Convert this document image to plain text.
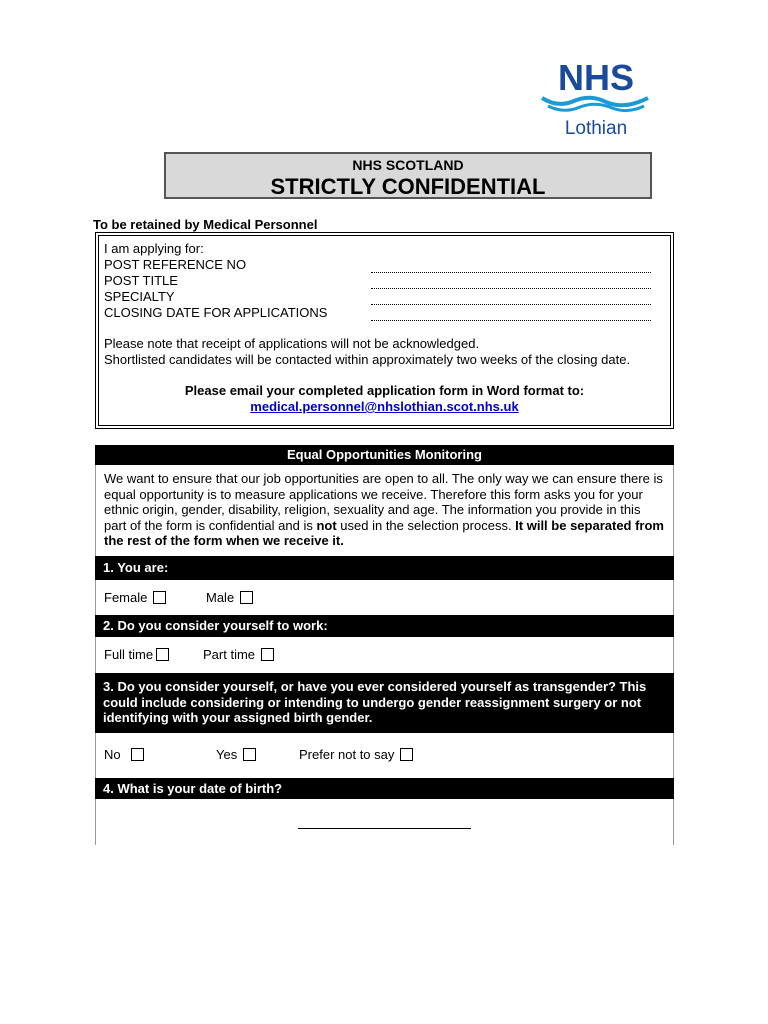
NHS
Lothian
NHS SCOTLAND
STRICTLY CONFIDENTIAL
To be retained by Medical Personnel
I am applying for:
POST REFERENCE NO
POST TITLE
SPECIALTY
CLOSING DATE FOR APPLICATIONS
Please note that receipt of applications will not be acknowledged.
Shortlisted candidates will be contacted within approximately two weeks of the closing date.
Please email your completed application form in Word format to:
medical.personnel@nhslothian.scot.nhs.uk
Equal Opportunities Monitoring
We want to ensure that our job opportunities are open to all. The only way we can ensure there is equal opportunity is to measure applications we receive. Therefore this form asks you for your ethnic origin, gender, disability, religion, sexuality and age. The information you provide in this part of the form is confidential and is not used in the selection process. It will be separated from the rest of the form when we receive it.
1. You are:
Female	Male
2. Do you consider yourself to work:
Full time	Part time
3. Do you consider yourself, or have you ever considered yourself as transgender? This could include considering or intending to undergo gender reassignment surgery or not identifying with your assigned birth gender.
No	Yes	Prefer not to say
4. What is your date of birth?
